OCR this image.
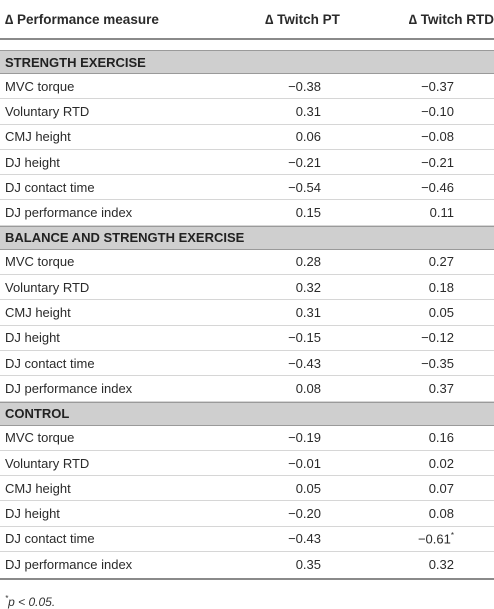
∆ Performance measure	∆ Twitch PT	∆ Twitch RTD
STRENGTH EXERCISE
MVC torque	−0.38	−0.37
Voluntary RTD	0.31	−0.10
CMJ height	0.06	−0.08
DJ height	−0.21	−0.21
DJ contact time	−0.54	−0.46
DJ performance index	0.15	0.11
BALANCE AND STRENGTH EXERCISE
MVC torque	0.28	0.27
Voluntary RTD	0.32	0.18
CMJ height	0.31	0.05
DJ height	−0.15	−0.12
DJ contact time	−0.43	−0.35
DJ performance index	0.08	0.37
CONTROL
MVC torque	−0.19	0.16
Voluntary RTD	−0.01	0.02
CMJ height	0.05	0.07
DJ height	−0.20	0.08
DJ contact time	−0.43	−0.61*
DJ performance index	0.35	0.32
*p < 0.05.
